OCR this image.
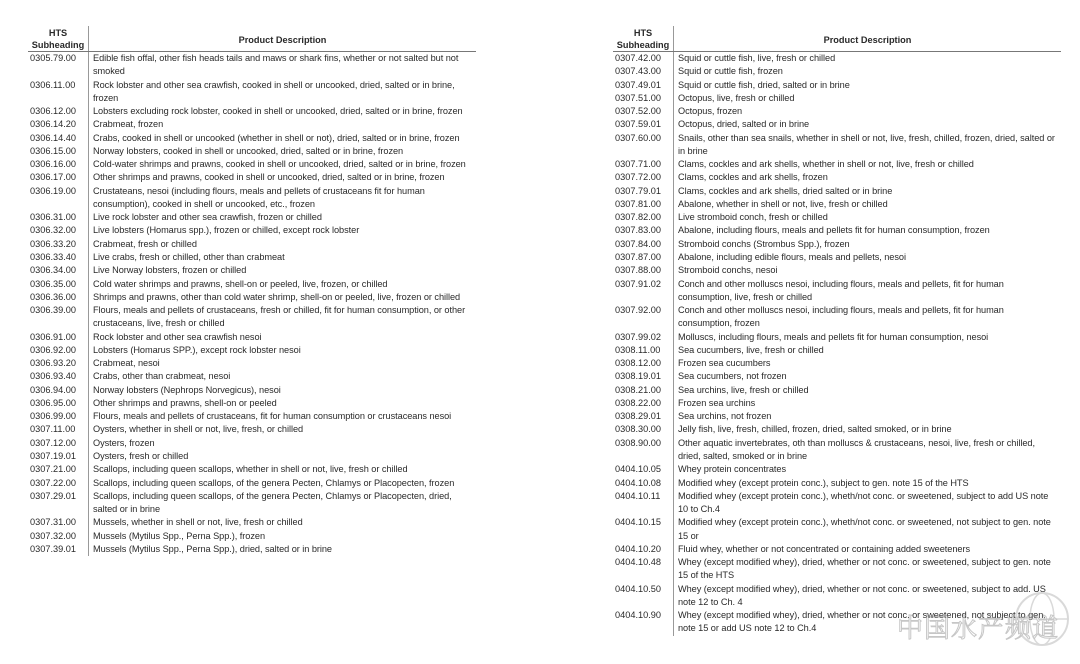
HTS
Subheading	Product Description
0305.79.00	Edible fish offal, other fish heads tails and maws or shark fins, whether or not salted but not smoked
0306.11.00	Rock lobster and other sea crawfish, cooked in shell or uncooked, dried, salted or in brine, frozen
0306.12.00	Lobsters excluding rock lobster, cooked in shell or uncooked, dried, salted or in brine, frozen
0306.14.20	Crabmeat, frozen
0306.14.40	Crabs, cooked in shell or uncooked (whether in shell or not), dried, salted or in brine, frozen
0306.15.00	Norway lobsters, cooked in shell or uncooked, dried, salted or in brine, frozen
0306.16.00	Cold-water shrimps and prawns, cooked in shell or uncooked, dried, salted or in brine, frozen
0306.17.00	Other shrimps and prawns, cooked in shell or uncooked, dried, salted or in brine, frozen
0306.19.00	Crustateans, nesoi (including flours, meals and pellets of crustaceans fit for human consumption), cooked in shell or uncooked, etc., frozen
0306.31.00	Live rock lobster and other sea crawfish, frozen or chilled
0306.32.00	Live lobsters (Homarus spp.), frozen or chilled, except rock lobster
0306.33.20	Crabmeat, fresh or chilled
0306.33.40	Live crabs, fresh or chilled, other than crabmeat
0306.34.00	Live Norway lobsters, frozen or chilled
0306.35.00	Cold water shrimps and prawns, shell-on or peeled, live, frozen, or chilled
0306.36.00	Shrimps and prawns, other than cold water shrimp, shell-on or peeled, live, frozen or chilled
0306.39.00	Flours, meals and pellets of crustaceans, fresh or chilled, fit for human consumption, or other crustaceans, live, fresh or chilled
0306.91.00	Rock lobster and other sea crawfish nesoi
0306.92.00	Lobsters (Homarus SPP.), except rock lobster nesoi
0306.93.20	Crabmeat, nesoi
0306.93.40	Crabs, other than crabmeat, nesoi
0306.94.00	Norway lobsters (Nephrops Norvegicus), nesoi
0306.95.00	Other shrimps and prawns, shell-on or peeled
0306.99.00	Flours, meals and pellets of crustaceans, fit for human consumption or crustaceans nesoi
0307.11.00	Oysters, whether in shell or not, live, fresh, or chilled
0307.12.00	Oysters, frozen
0307.19.01	Oysters, fresh or chilled
0307.21.00	Scallops, including queen scallops, whether in shell or not, live, fresh or chilled
0307.22.00	Scallops, including queen scallops, of the genera Pecten, Chlamys or Placopecten, frozen
0307.29.01	Scallops, including queen scallops, of the genera Pecten, Chlamys or Placopecten, dried, salted or in brine
0307.31.00	Mussels, whether in shell or not, live, fresh or chilled
0307.32.00	Mussels (Mytilus Spp., Perna Spp.), frozen
0307.39.01	Mussels (Mytilus Spp., Perna Spp.), dried, salted or in brine
HTS
Subheading	Product Description
0307.42.00	Squid or cuttle fish, live, fresh or chilled
0307.43.00	Squid or cuttle fish, frozen
0307.49.01	Squid or cuttle fish, dried, salted or in brine
0307.51.00	Octopus, live, fresh or chilled
0307.52.00	Octopus, frozen
0307.59.01	Octopus, dried, salted or in brine
0307.60.00	Snails, other than sea snails, whether in shell or not, live, fresh, chilled, frozen, dried, salted or in brine
0307.71.00	Clams, cockles and ark shells, whether in shell or not, live, fresh or chilled
0307.72.00	Clams, cockles and ark shells, frozen
0307.79.01	Clams, cockles and ark shells, dried salted or in brine
0307.81.00	Abalone, whether in shell or not, live, fresh or chilled
0307.82.00	Live stromboid conch, fresh or chilled
0307.83.00	Abalone, including flours, meals and pellets fit for human consumption, frozen
0307.84.00	Stromboid conchs (Strombus Spp.), frozen
0307.87.00	Abalone, including edible flours, meals and pellets, nesoi
0307.88.00	Stromboid conchs, nesoi
0307.91.02	Conch and other molluscs nesoi, including flours, meals and pellets, fit for human consumption, live, fresh or chilled
0307.92.00	Conch and other molluscs nesoi, including flours, meals and pellets, fit for human consumption, frozen
0307.99.02	Molluscs, including flours, meals and pellets fit for human consumption, nesoi
0308.11.00	Sea cucumbers, live, fresh or chilled
0308.12.00	Frozen sea cucumbers
0308.19.01	Sea cucumbers, not frozen
0308.21.00	Sea urchins, live, fresh or chilled
0308.22.00	Frozen sea urchins
0308.29.01	Sea urchins, not frozen
0308.30.00	Jelly fish, live, fresh, chilled, frozen, dried, salted smoked, or in brine
0308.90.00	Other aquatic invertebrates, oth than molluscs & crustaceans, nesoi, live, fresh or chilled, dried, salted, smoked or in brine
0404.10.05	Whey protein concentrates
0404.10.08	Modified whey (except protein conc.), subject to gen. note 15 of the HTS
0404.10.11	Modified whey (except protein conc.), wheth/not conc. or sweetened, subject to add US note 10 to Ch.4
0404.10.15	Modified whey (except protein conc.), wheth/not conc. or sweetened, not subject to gen. note 15 or
0404.10.20	Fluid whey, whether or not concentrated or containing added sweeteners
0404.10.48	Whey (except modified whey), dried, whether or not conc. or sweetened, subject to gen. note 15 of the HTS
0404.10.50	Whey (except modified whey), dried, whether or not conc. or sweetened, subject to add. US note 12 to Ch. 4
0404.10.90	Whey (except modified whey), dried, whether or not conc. or sweetened, not subject to gen. note 15 or add US note 12 to Ch.4	中国水产频道
